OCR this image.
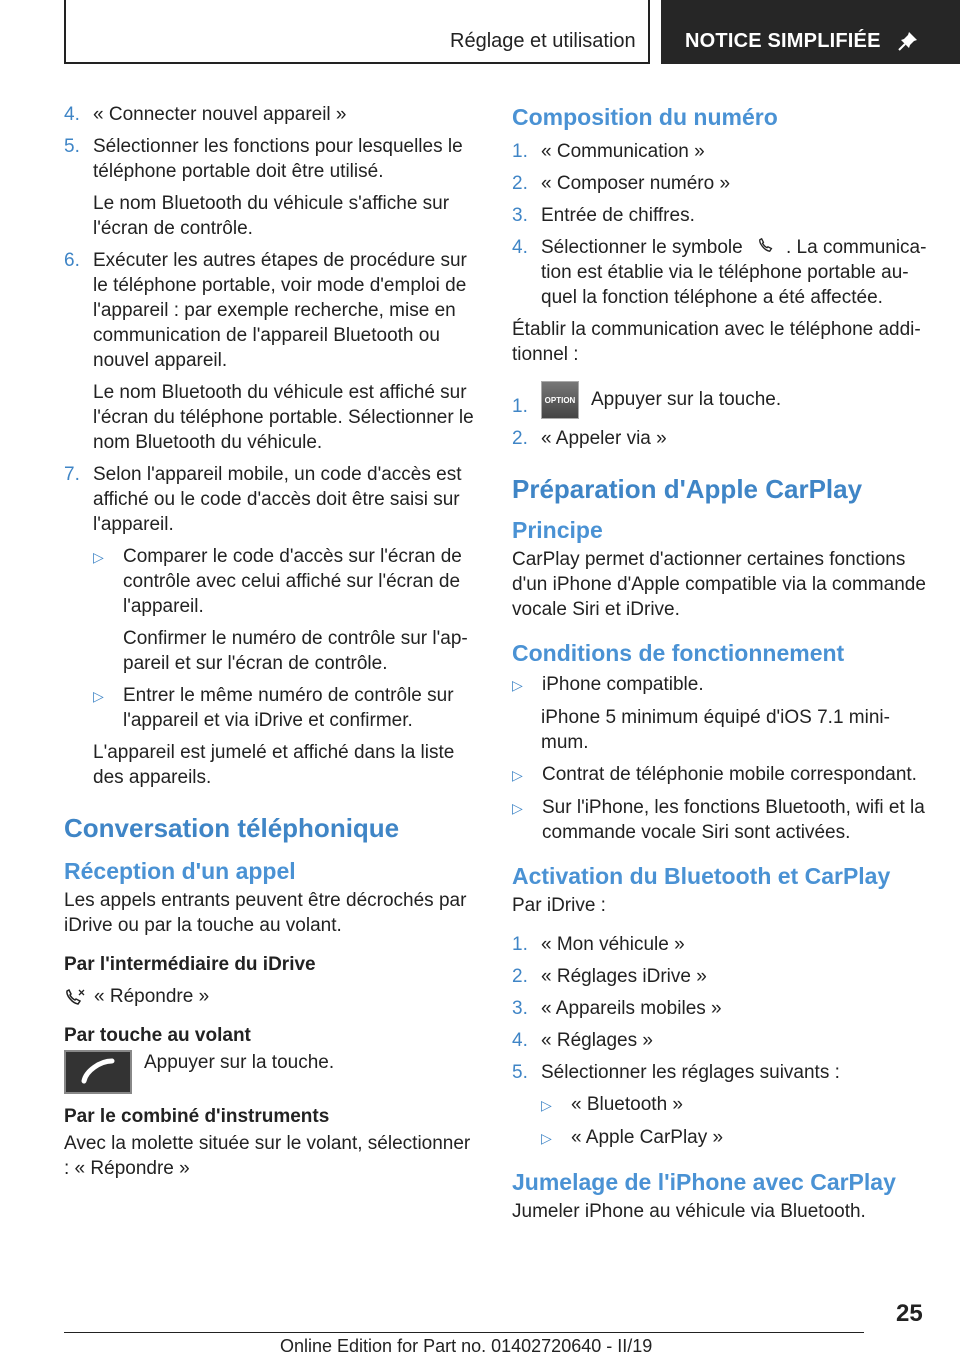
Réglage et utilisation NOTICE SIMPLIFIÉE
4. « Connecter nouvel appareil »
5. Sélectionner les fonctions pour lesquelles le téléphone portable doit être utilisé.

Le nom Bluetooth du véhicule s'affiche sur l'écran de contrôle.

6. Exécuter les autres étapes de procédure sur le téléphone portable, voir mode d'emploi de l'appareil : par exemple recherche, mise en communication de l'appareil Bluetooth ou nouvel appareil.

Le nom Bluetooth du véhicule est affiché sur l'écran du téléphone portable. Sélectionner le nom Bluetooth du véhicule.

7. Selon l'appareil mobile, un code d'accès est affiché ou le code d'accès doit être saisi sur l'appareil.
▷	Comparer le code d'accès sur l'écran de contrôle avec celui affiché sur l'écran de l'appareil.

Confirmer le numéro de contrôle sur l'appareil et sur l'écran de contrôle.

▷	Entrer le même numéro de contrôle sur l'appareil et via iDrive et confirmer.

L'appareil est jumelé et affiché dans la liste des appareils.

Conversation téléphonique
Réception d'un appel

Les appels entrants peuvent être décrochés par iDrive ou par la touche au volant.

Par l'intermédiaire du iDrive
« Répondre »
Par touche au volant
Appuyer sur la touche.
Par le combiné d'instruments

Avec la molette située sur le volant, sélectionner : « Répondre »

Composition du numéro
1. « Communication »
2. « Composer numéro »
3. Entrée de chiffres.
4. Sélectionner le symbole . La communication est établie via le téléphone portable auquel la fonction téléphone a été affectée.

Établir la communication avec le téléphone additionnel :

1.	OPTION Appuyer sur la touche.
2. « Appeler via »
Préparation d'Apple CarPlay
Principe

CarPlay permet d'actionner certaines fonctions d'un iPhone d'Apple compatible via la commande vocale Siri et iDrive.

Conditions de fonctionnement
▷	iPhone compatible.

iPhone 5 minimum équipé d'iOS 7.1 minimum.

▷	Contrat de téléphonie mobile correspondant.
▷	Sur l'iPhone, les fonctions Bluetooth, wifi et la commande vocale Siri sont activées.
Activation du Bluetooth et CarPlay

Par iDrive :

1. « Mon véhicule »
2. « Réglages iDrive »
3. « Appareils mobiles »
4. « Réglages »
5. Sélectionner les réglages suivants :
▷	« Bluetooth »
▷	« Apple CarPlay »
Jumelage de l'iPhone avec CarPlay

Jumeler iPhone au véhicule via Bluetooth.

25
Online Edition for Part no. 01402720640 - II/19
